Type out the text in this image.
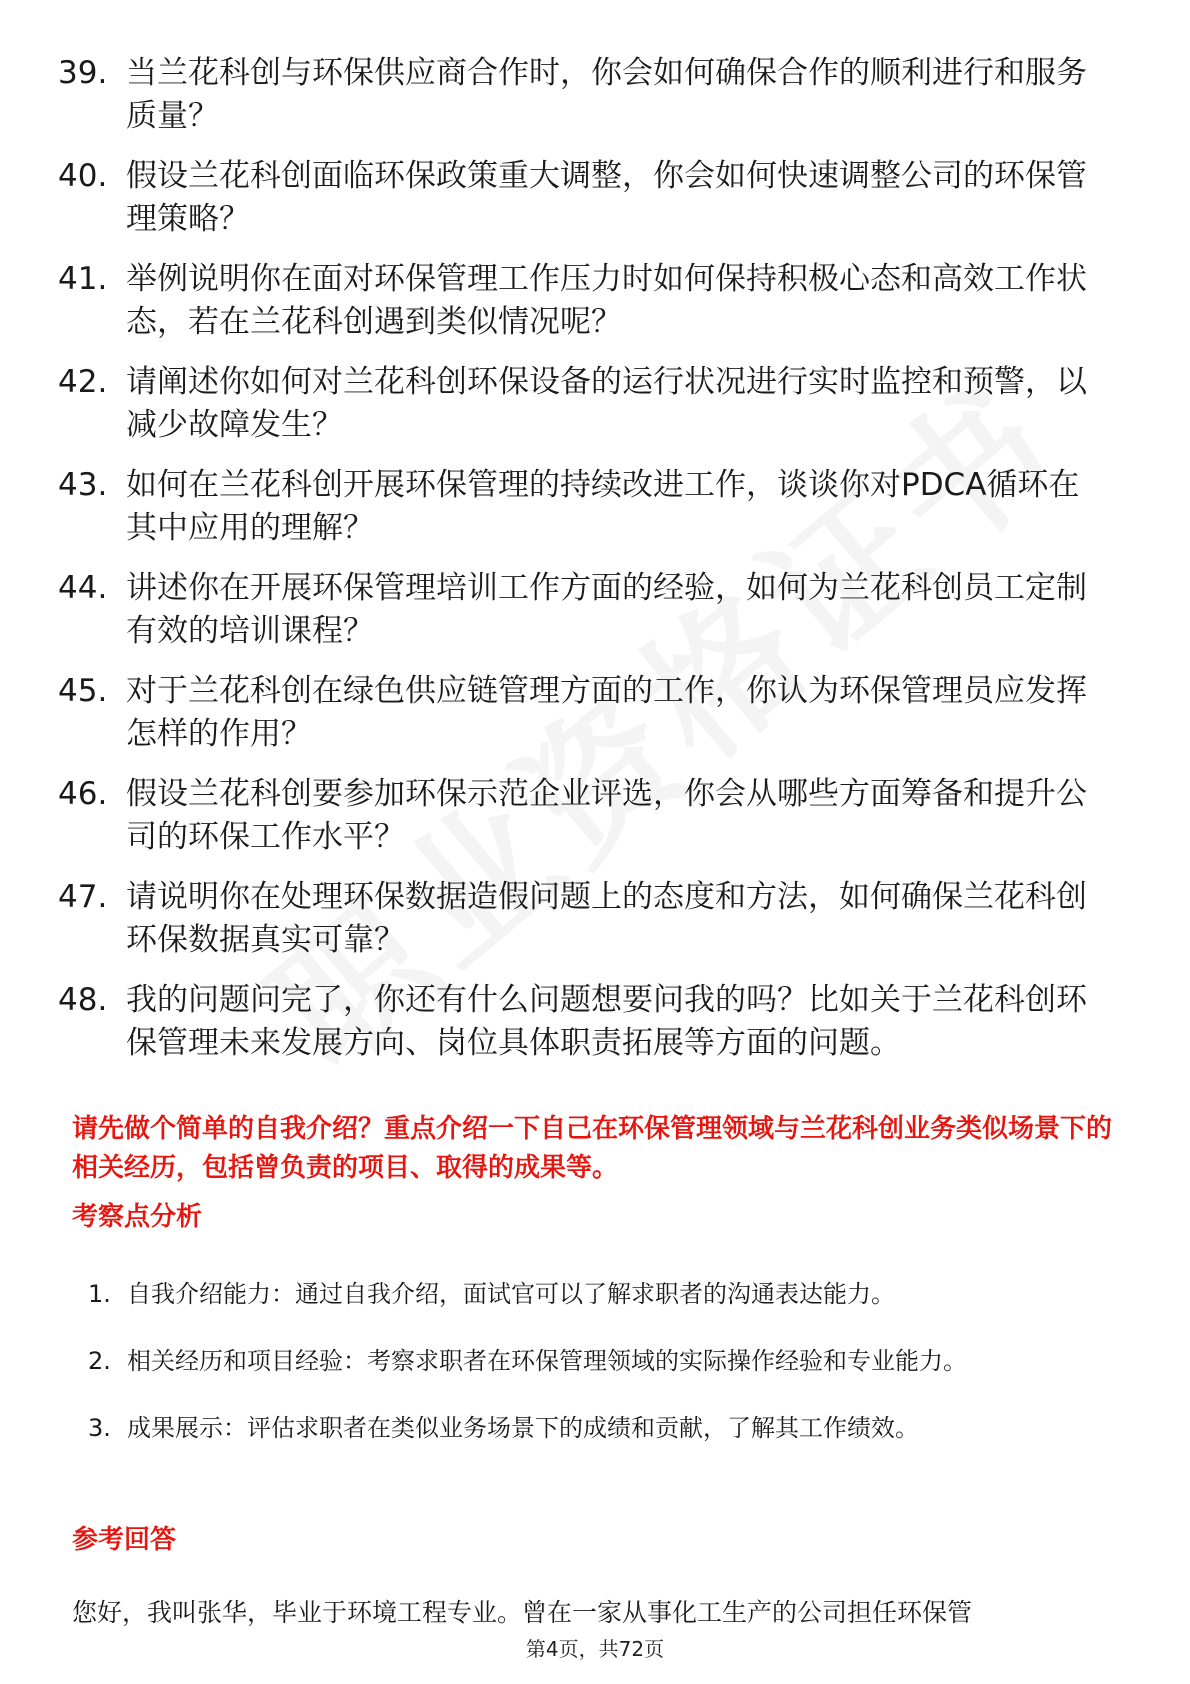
39. 当兰花科创与环保供应商合作时，你会如何确保合作的顺利进行和服务质量？
40. 假设兰花科创面临环保政策重大调整，你会如何快速调整公司的环保管理策略？
41. 举例说明你在面对环保管理工作压力时如何保持积极心态和高效工作状态，若在兰花科创遇到类似情况呢？
42. 请阐述你如何对兰花科创环保设备的运行状况进行实时监控和预警，以减少故障发生？
43. 如何在兰花科创开展环保管理的持续改进工作，谈谈你对PDCA循环在其中应用的理解？
44. 讲述你在开展环保管理培训工作方面的经验，如何为兰花科创员工定制有效的培训课程？
45. 对于兰花科创在绿色供应链管理方面的工作，你认为环保管理员应发挥怎样的作用？
46. 假设兰花科创要参加环保示范企业评选，你会从哪些方面筹备和提升公司的环保工作水平？
47. 请说明你在处理环保数据造假问题上的态度和方法，如何确保兰花科创环保数据真实可靠？
48. 我的问题问完了，你还有什么问题想要问我的吗？比如关于兰花科创环保管理未来发展方向、岗位具体职责拓展等方面的问题。
请先做个简单的自我介绍？重点介绍一下自己在环保管理领域与兰花科创业务类似场景下的相关经历，包括曾负责的项目、取得的成果等。
考察点分析
1. 自我介绍能力：通过自我介绍，面试官可以了解求职者的沟通表达能力。
2. 相关经历和项目经验：考察求职者在环保管理领域的实际操作经验和专业能力。
3. 成果展示：评估求职者在类似业务场景下的成绩和贡献，了解其工作绩效。
参考回答
您好，我叫张华，毕业于环境工程专业。曾在一家从事化工生产的公司担任环保管
第4页，共72页
